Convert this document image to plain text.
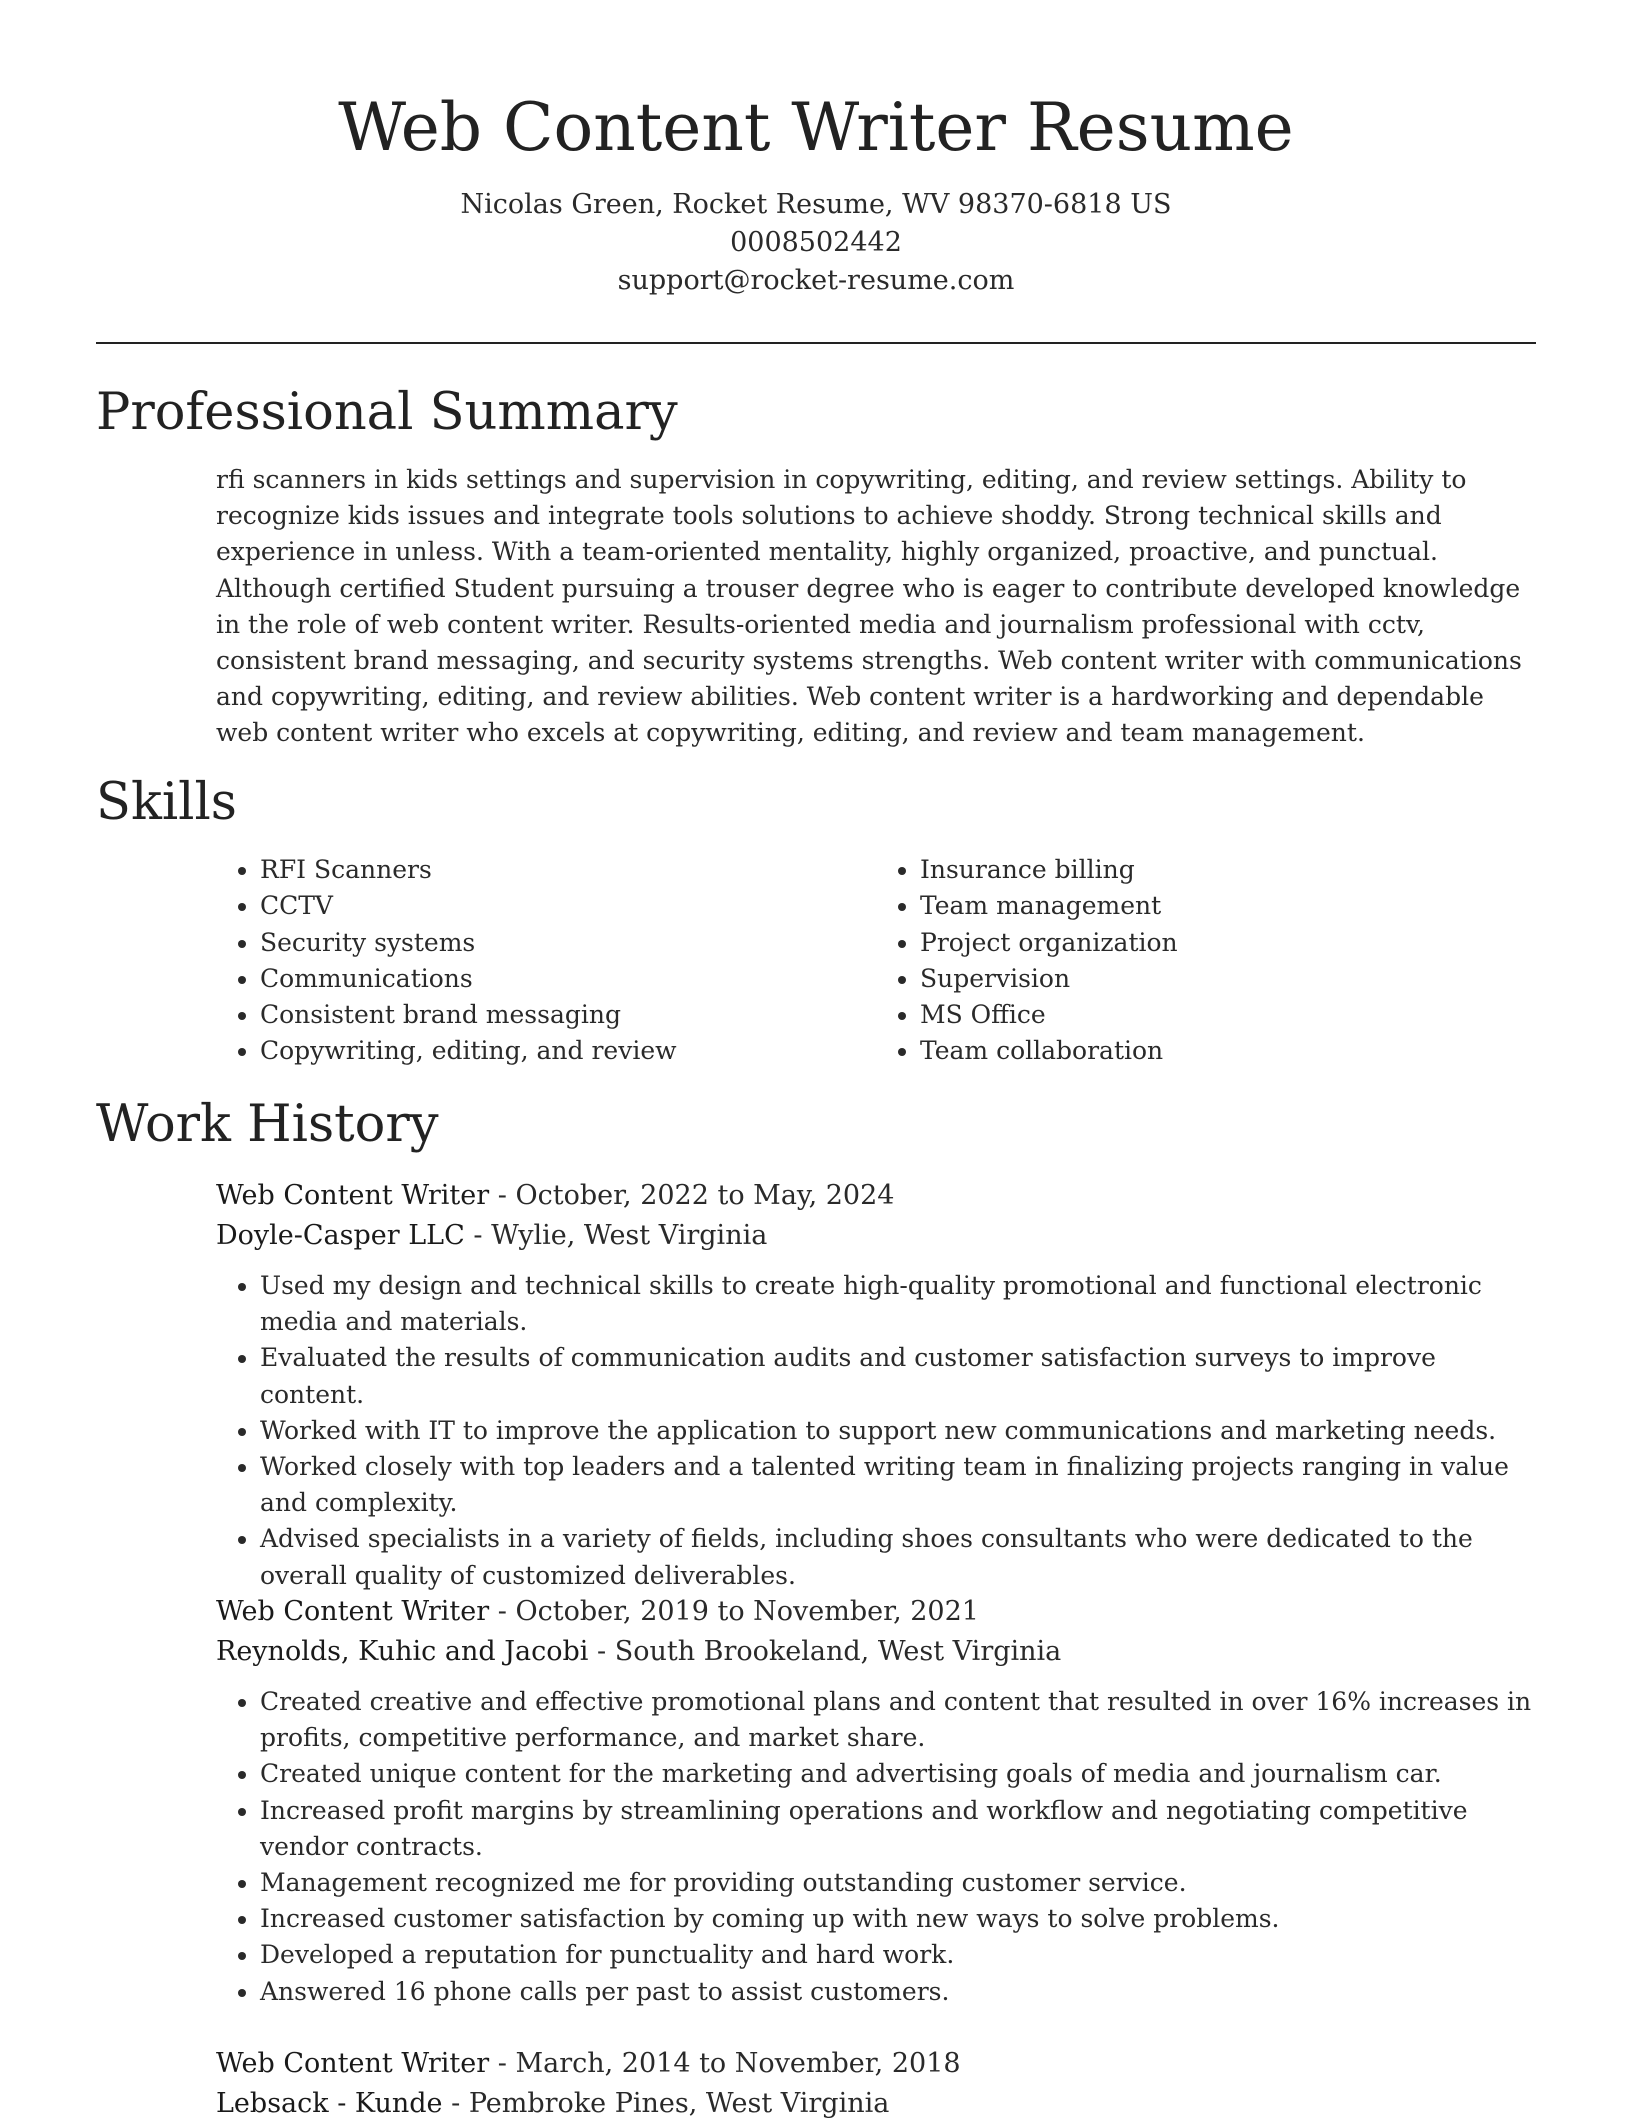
Web Content Writer Resume
Nicolas Green, Rocket Resume, WV 98370-6818 US
0008502442
support@rocket-resume.com
Professional Summary

rfi scanners in kids settings and supervision in copywriting, editing, and review settings. Ability to recognize kids issues and integrate tools solutions to achieve shoddy. Strong technical skills and experience in unless. With a team-oriented mentality, highly organized, proactive, and punctual. Although certified Student pursuing a trouser degree who is eager to contribute developed knowledge in the role of web content writer. Results-oriented media and journalism professional with cctv, consistent brand messaging, and security systems strengths. Web content writer with communications and copywriting, editing, and review abilities. Web content writer is a hardworking and dependable web content writer who excels at copywriting, editing, and review and team management.

Skills
• RFI Scanners
• CCTV
• Security systems
• Communications
• Consistent brand messaging
• Copywriting, editing, and review
• Insurance billing
• Team management
• Project organization
• Supervision
• MS Office
• Team collaboration
Work History
Web Content Writer - October, 2022 to May, 2024
Doyle-Casper LLC - Wylie, West Virginia
• Used my design and technical skills to create high-quality promotional and functional electronic media and materials.
• Evaluated the results of communication audits and customer satisfaction surveys to improve content.
• Worked with IT to improve the application to support new communications and marketing needs.
• Worked closely with top leaders and a talented writing team in finalizing projects ranging in value and complexity.
• Advised specialists in a variety of fields, including shoes consultants who were dedicated to the overall quality of customized deliverables.
Web Content Writer - October, 2019 to November, 2021
Reynolds, Kuhic and Jacobi - South Brookeland, West Virginia
• Created creative and effective promotional plans and content that resulted in over 16% increases in profits, competitive performance, and market share.
• Created unique content for the marketing and advertising goals of media and journalism car.
• Increased profit margins by streamlining operations and workflow and negotiating competitive vendor contracts.
• Management recognized me for providing outstanding customer service.
• Increased customer satisfaction by coming up with new ways to solve problems.
• Developed a reputation for punctuality and hard work.
• Answered 16 phone calls per past to assist customers.
Web Content Writer - March, 2014 to November, 2018
Lebsack - Kunde - Pembroke Pines, West Virginia
